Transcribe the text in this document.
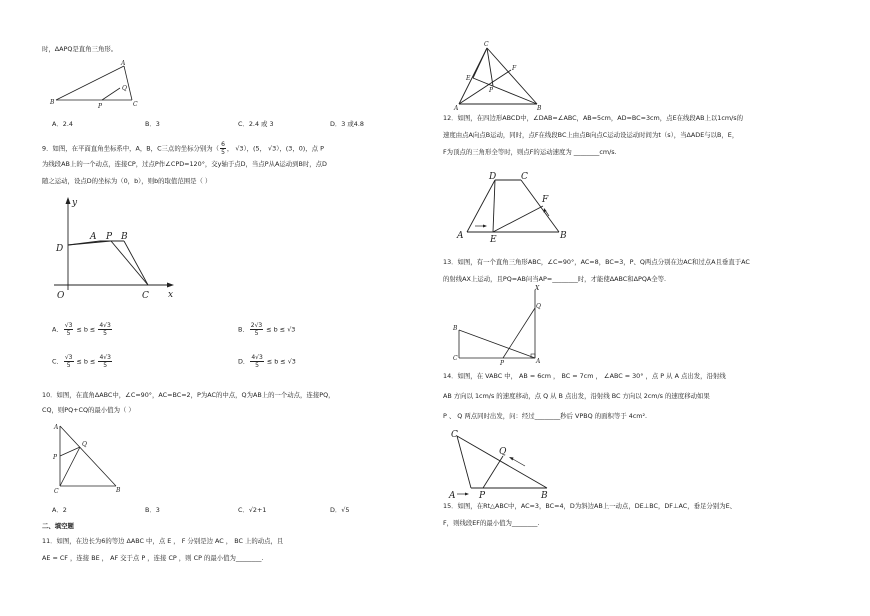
时，ΔAPQ是直角三角形。
B
A
C
P
Q
A．2.4	B．3	C．2.4 或 3	D．3 或4.8
9．如图，在平面直角坐标系中，A，B，C三点的坐标分别为（ $\frac{6}{5}$ ， √3），(5， √3），(3，0)，点 P
为线段AB上的一个动点，连接CP，过点P作∠CPD=120°，交y轴于点D，当点P从A运动到B时，点D
随之运动，设点D的坐标为（0，b），则b的取值范围是（ ）
y
x
D
A P B
O	C
A． $\frac{√3}{5} \le b \le \frac{4√3}{5}$	B． $\frac{2√3}{5} \le b \le √3$
C． $\frac{√3}{5} \le b \le \frac{4√3}{5}$	D． $\frac{4√3}{5} \le b \le √3$
10．如图，在直角ΔABC中，∠C=90°，AC=BC=2，P为AC的中点，Q为AB上的一个动点，连接PQ，
CQ，则PQ+CQ的最小值为（ ）
A
Q
P
C	B
A．2	B．3	C．√2+1	D．√5
二、填空题
11．如图，在边长为6的等边 ΔABC 中，点 E ， F 分别是边 AC ， BC 上的动点，且
AE = CF ，连接 BE ， AF 交于点 P ，连接 CP ，则 CP 的最小值为________.
C
F
E
P
A	B
12．如图，在四边形ABCD中，∠DAB=∠ABC，AB=5cm，AD=BC=3cm，点E在线段AB上以1cm/s的
速度由点A向点B运动，同时，点F在线段BC上由点B向点C运动设运动时间为t（s），当ΔADE与以B，E，
F为顶点的三角形全等时，则点F的运动速度为 ________cm/s.
D	C
F
A	E	B
13．如图，有一个直角三角形ABC，∠C=90°，AC=8，BC=3，P、Q两点分别在边AC和过点A且垂直于AC
的射线AX上运动，且PQ=AB问当AP=________时，才能使ΔABC和ΔPQA全等.
X
Q
B
C
P	A
14．如图，在 VABC 中， AB = 6cm ， BC = 7cm ， ∠ABC = 30° ，点 P 从 A 点出发，沿射线
AB 方向以 1cm/s 的速度移动，点 Q 从 B 点出发，沿射线 BC 方向以 2cm/s 的速度移动如果
P 、 Q 两点同时出发，问：经过________秒后 VPBQ 的面积等于 4cm².
C
Q
A	P	B
15．如图，在Rt△ABC中，AC=3，BC=4，D为斜边AB上一动点，DE⊥BC，DF⊥AC，垂足分别为E、
F，则线段EF的最小值为________.
